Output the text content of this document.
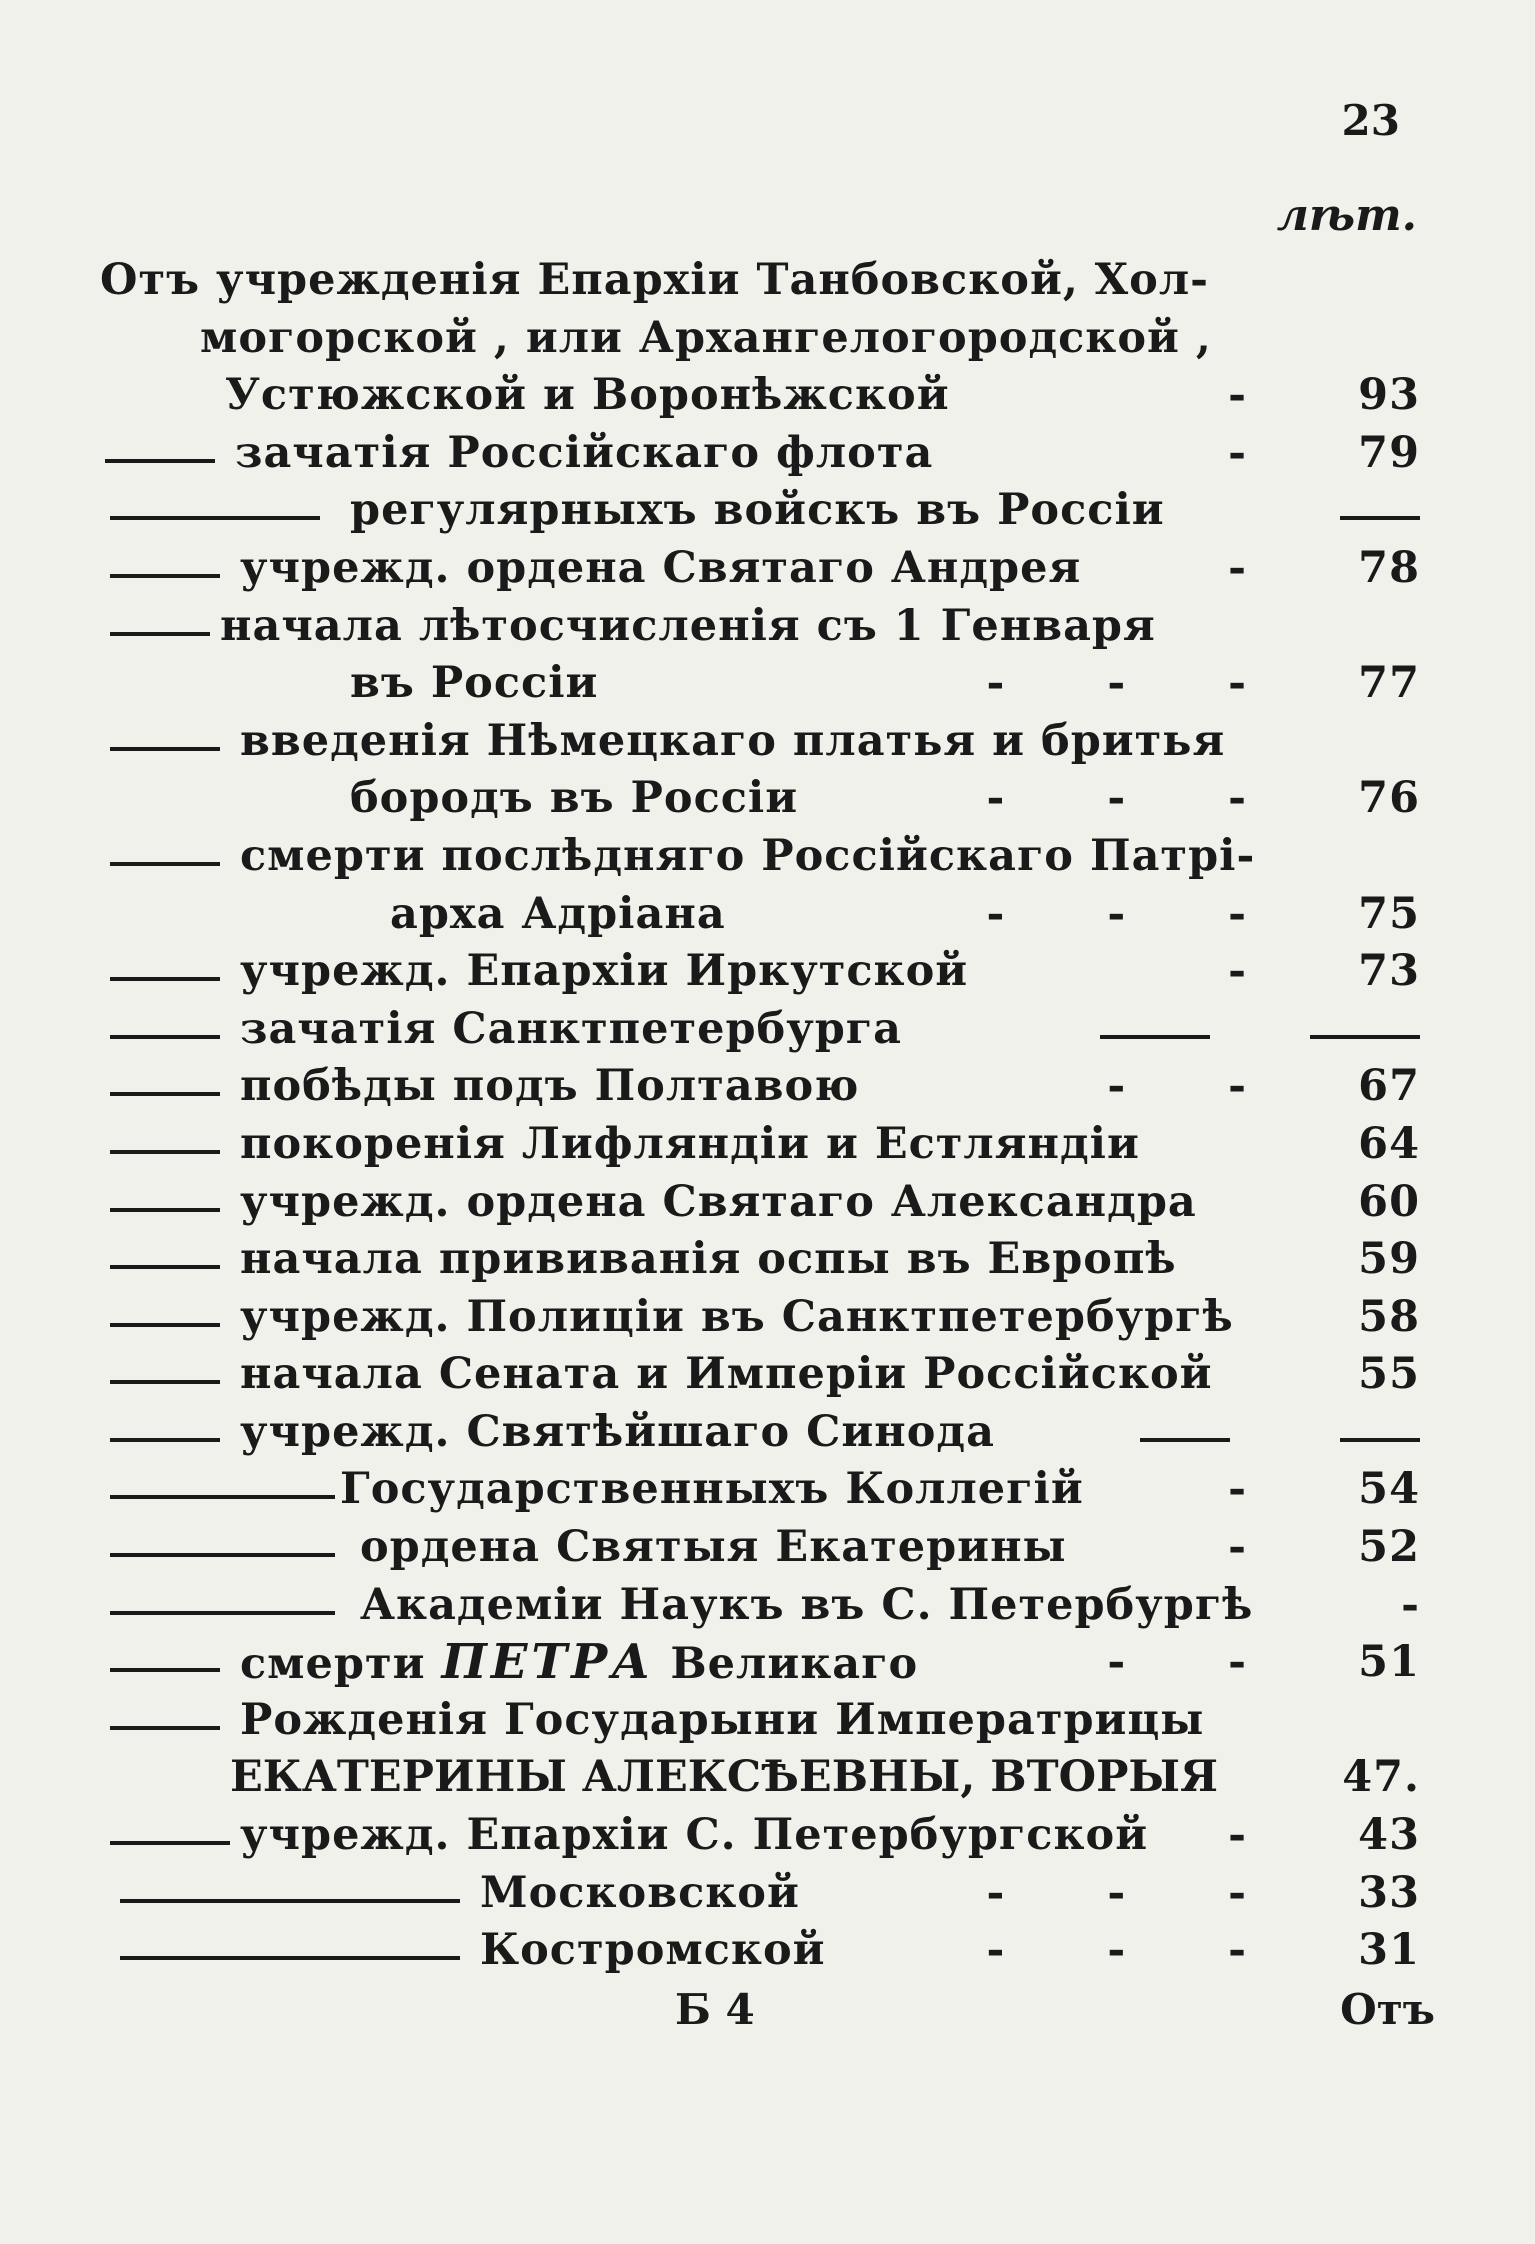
23
лѣт.
Отъ учрежденія Епархіи Танбовской, Хол-
могорской , или Архангелогородской ,
Устюжской и Воронѣжской	- 93
зачатія Россійскаго флота	- 79
регулярныхъ войскъ въ Россіи
учрежд. ордена Святаго Андрея	- 78
начала лѣтосчисленія съ 1 Генваря
въ Россіи	- - - 77
введенія Нѣмецкаго платья и бритья
бородъ въ Россіи	- - - 76
смерти послѣдняго Россійскаго Патрі-
арха Адріана	- - - 75
учрежд. Епархіи Иркутской	- 73
зачатія Санктпетербурга
побѣды подъ Полтавою	- - 67
покоренія Лифляндіи и Естляндіи	64
учрежд. ордена Святаго Александра	60
начала прививанія оспы въ Европѣ	59
учрежд. Полиціи въ Санктпетербургѣ	58
начала Сената и Имперіи Россійской	55
учрежд. Святѣйшаго Синода
Государственныхъ Коллегій	- 54
ордена Святыя Екатерины	- 52
Академіи Наукъ въ С. Петербургѣ	-
смерти ПЕТРА Великаго	- - 51
Рожденія Государыни Императрицы
ЕКАТЕРИНЫ АЛЕКСѢЕВНЫ, ВТОРЫЯ	47.
учрежд. Епархіи С. Петербургской - 43
Московской	- - - 33
Костромской	- - - 31
Б 4	Отъ
